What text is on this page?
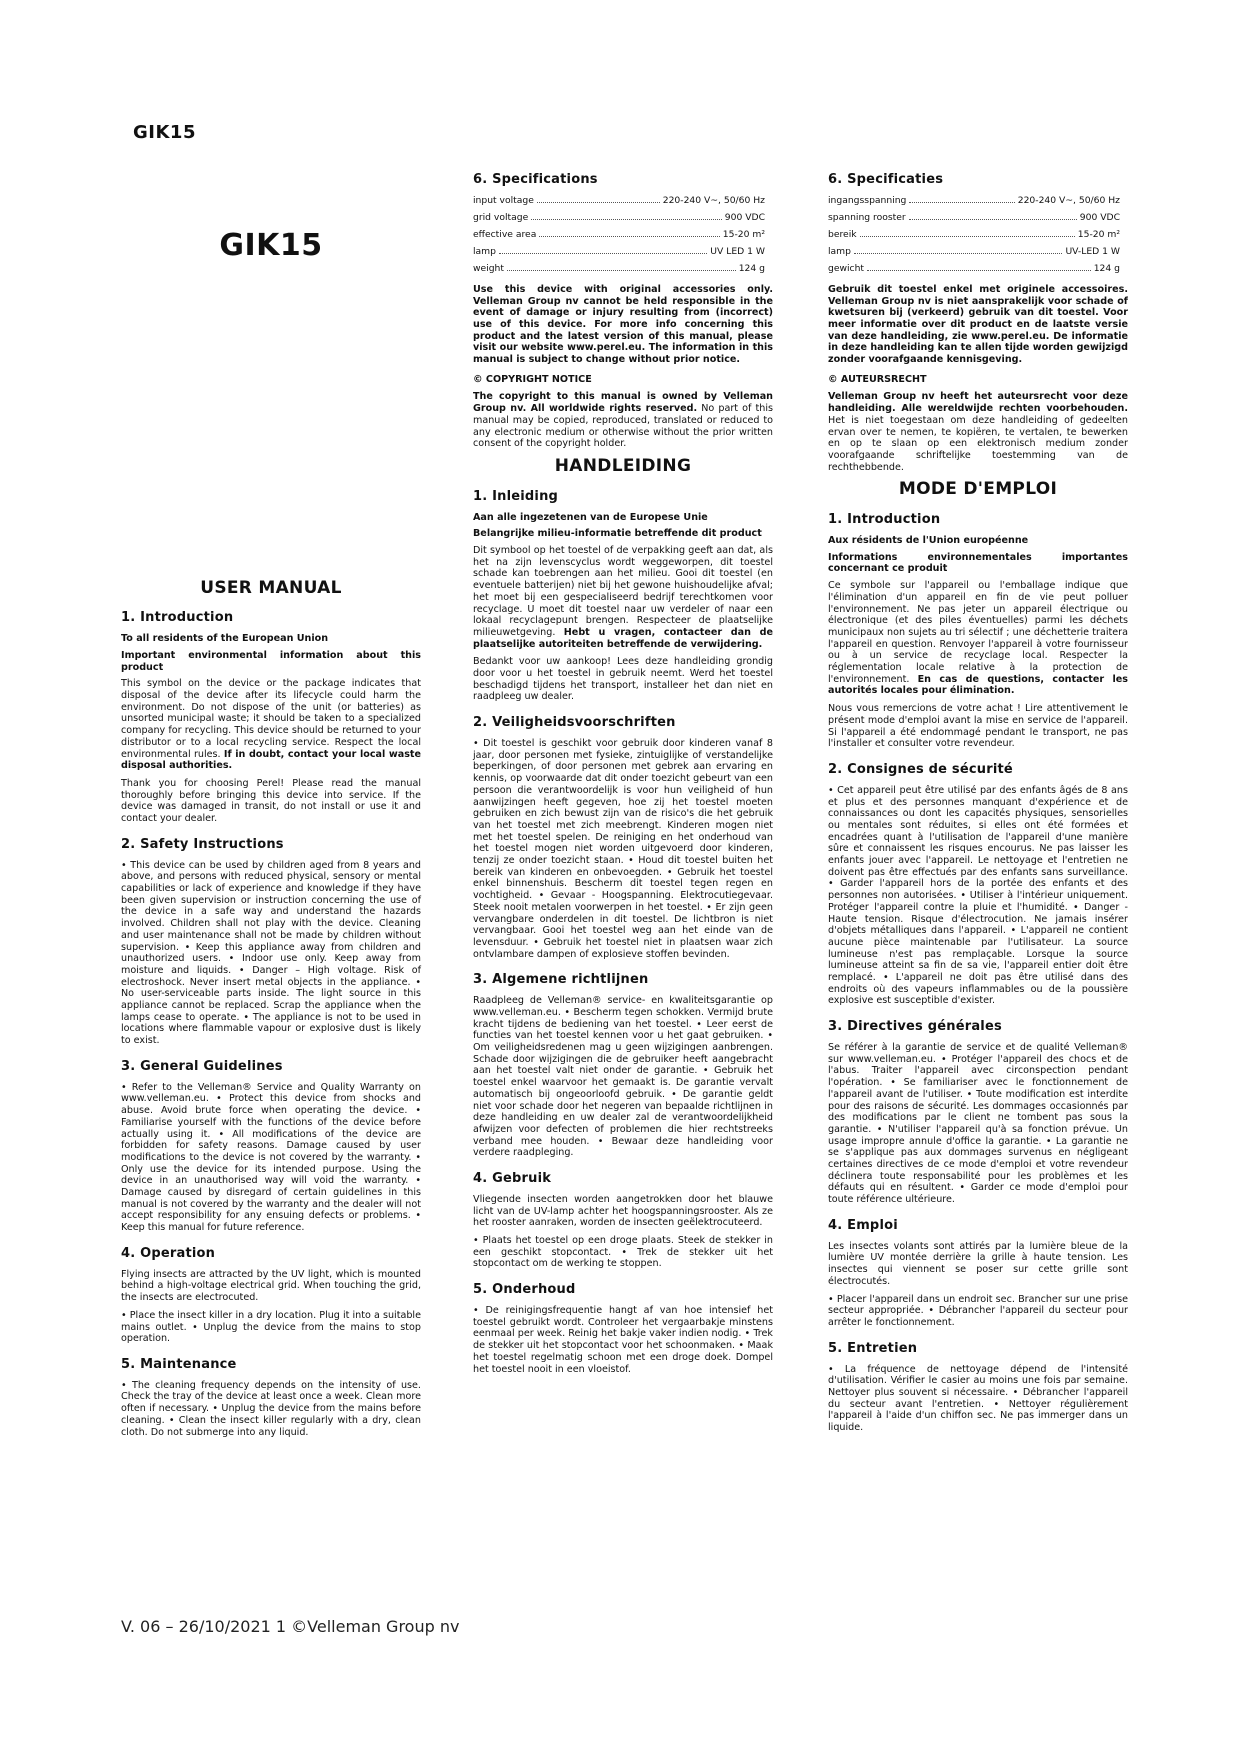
GIK15
GIK15
USER MANUAL
1. Introduction

To all residents of the European Union

Important environmental information about this product

This symbol on the device or the package indicates that disposal of the device after its lifecycle could harm the environment. Do not dispose of the unit (or batteries) as unsorted municipal waste; it should be taken to a specialized company for recycling. This device should be returned to your distributor or to a local recycling service. Respect the local environmental rules. If in doubt, contact your local waste disposal authorities.

Thank you for choosing Perel! Please read the manual thoroughly before bringing this device into service. If the device was damaged in transit, do not install or use it and contact your dealer.

2. Safety Instructions

• This device can be used by children aged from 8 years and above, and persons with reduced physical, sensory or mental capabilities or lack of experience and knowledge if they have been given supervision or instruction concerning the use of the device in a safe way and understand the hazards involved. Children shall not play with the device. Cleaning and user maintenance shall not be made by children without supervision. • Keep this appliance away from children and unauthorized users. • Indoor use only. Keep away from moisture and liquids. • Danger – High voltage. Risk of electroshock. Never insert metal objects in the appliance. • No user-serviceable parts inside. The light source in this appliance cannot be replaced. Scrap the appliance when the lamps cease to operate. • The appliance is not to be used in locations where flammable vapour or explosive dust is likely to exist.

3. General Guidelines

• Refer to the Velleman® Service and Quality Warranty on www.velleman.eu. • Protect this device from shocks and abuse. Avoid brute force when operating the device. • Familiarise yourself with the functions of the device before actually using it. • All modifications of the device are forbidden for safety reasons. Damage caused by user modifications to the device is not covered by the warranty. • Only use the device for its intended purpose. Using the device in an unauthorised way will void the warranty. • Damage caused by disregard of certain guidelines in this manual is not covered by the warranty and the dealer will not accept responsibility for any ensuing defects or problems. • Keep this manual for future reference.

4. Operation

Flying insects are attracted by the UV light, which is mounted behind a high-voltage electrical grid. When touching the grid, the insects are electrocuted.

• Place the insect killer in a dry location. Plug it into a suitable mains outlet. • Unplug the device from the mains to stop operation.

5. Maintenance

• The cleaning frequency depends on the intensity of use. Check the tray of the device at least once a week. Clean more often if necessary. • Unplug the device from the mains before cleaning. • Clean the insect killer regularly with a dry, clean cloth. Do not submerge into any liquid.

6. Specifications
input voltage	220-240 V~, 50/60 Hz
grid voltage	900 VDC
effective area	15-20 m²
lamp	UV LED 1 W
weight	124 g

Use this device with original accessories only. Velleman Group nv cannot be held responsible in the event of damage or injury resulting from (incorrect) use of this device. For more info concerning this product and the latest version of this manual, please visit our website www.perel.eu. The information in this manual is subject to change without prior notice.

© COPYRIGHT NOTICE

The copyright to this manual is owned by Velleman Group nv. All worldwide rights reserved. No part of this manual may be copied, reproduced, translated or reduced to any electronic medium or otherwise without the prior written consent of the copyright holder.

HANDLEIDING
1. Inleiding

Aan alle ingezetenen van de Europese Unie

Belangrijke milieu-informatie betreffende dit product

Dit symbool op het toestel of de verpakking geeft aan dat, als het na zijn levenscyclus wordt weggeworpen, dit toestel schade kan toebrengen aan het milieu. Gooi dit toestel (en eventuele batterijen) niet bij het gewone huishoudelijke afval; het moet bij een gespecialiseerd bedrijf terechtkomen voor recyclage. U moet dit toestel naar uw verdeler of naar een lokaal recyclagepunt brengen. Respecteer de plaatselijke milieuwetgeving. Hebt u vragen, contacteer dan de plaatselijke autoriteiten betreffende de verwijdering.

Bedankt voor uw aankoop! Lees deze handleiding grondig door voor u het toestel in gebruik neemt. Werd het toestel beschadigd tijdens het transport, installeer het dan niet en raadpleeg uw dealer.

2. Veiligheidsvoorschriften

• Dit toestel is geschikt voor gebruik door kinderen vanaf 8 jaar, door personen met fysieke, zintuiglijke of verstandelijke beperkingen, of door personen met gebrek aan ervaring en kennis, op voorwaarde dat dit onder toezicht gebeurt van een persoon die verantwoordelijk is voor hun veiligheid of hun aanwijzingen heeft gegeven, hoe zij het toestel moeten gebruiken en zich bewust zijn van de risico's die het gebruik van het toestel met zich meebrengt. Kinderen mogen niet met het toestel spelen. De reiniging en het onderhoud van het toestel mogen niet worden uitgevoerd door kinderen, tenzij ze onder toezicht staan. • Houd dit toestel buiten het bereik van kinderen en onbevoegden. • Gebruik het toestel enkel binnenshuis. Bescherm dit toestel tegen regen en vochtigheid. • Gevaar - Hoogspanning. Elektrocutiegevaar. Steek nooit metalen voorwerpen in het toestel. • Er zijn geen vervangbare onderdelen in dit toestel. De lichtbron is niet vervangbaar. Gooi het toestel weg aan het einde van de levensduur. • Gebruik het toestel niet in plaatsen waar zich ontvlambare dampen of explosieve stoffen bevinden.

3. Algemene richtlijnen

Raadpleeg de Velleman® service- en kwaliteitsgarantie op www.velleman.eu. • Bescherm tegen schokken. Vermijd brute kracht tijdens de bediening van het toestel. • Leer eerst de functies van het toestel kennen voor u het gaat gebruiken. • Om veiligheidsredenen mag u geen wijzigingen aanbrengen. Schade door wijzigingen die de gebruiker heeft aangebracht aan het toestel valt niet onder de garantie. • Gebruik het toestel enkel waarvoor het gemaakt is. De garantie vervalt automatisch bij ongeoorloofd gebruik. • De garantie geldt niet voor schade door het negeren van bepaalde richtlijnen in deze handleiding en uw dealer zal de verantwoordelijkheid afwijzen voor defecten of problemen die hier rechtstreeks verband mee houden. • Bewaar deze handleiding voor verdere raadpleging.

4. Gebruik

Vliegende insecten worden aangetrokken door het blauwe licht van de UV-lamp achter het hoogspanningsrooster. Als ze het rooster aanraken, worden de insecten geëlektrocuteerd.

• Plaats het toestel op een droge plaats. Steek de stekker in een geschikt stopcontact. • Trek de stekker uit het stopcontact om de werking te stoppen.

5. Onderhoud

• De reinigingsfrequentie hangt af van hoe intensief het toestel gebruikt wordt. Controleer het vergaarbakje minstens eenmaal per week. Reinig het bakje vaker indien nodig. • Trek de stekker uit het stopcontact voor het schoonmaken. • Maak het toestel regelmatig schoon met een droge doek. Dompel het toestel nooit in een vloeistof.

6. Specificaties
ingangsspanning	220-240 V~, 50/60 Hz
spanning rooster	900 VDC
bereik	15-20 m²
lamp	UV-LED 1 W
gewicht	124 g

Gebruik dit toestel enkel met originele accessoires. Velleman Group nv is niet aansprakelijk voor schade of kwetsuren bij (verkeerd) gebruik van dit toestel. Voor meer informatie over dit product en de laatste versie van deze handleiding, zie www.perel.eu. De informatie in deze handleiding kan te allen tijde worden gewijzigd zonder voorafgaande kennisgeving.

© AUTEURSRECHT

Velleman Group nv heeft het auteursrecht voor deze handleiding. Alle wereldwijde rechten voorbehouden. Het is niet toegestaan om deze handleiding of gedeelten ervan over te nemen, te kopiëren, te vertalen, te bewerken en op te slaan op een elektronisch medium zonder voorafgaande schriftelijke toestemming van de rechthebbende.

MODE D'EMPLOI
1. Introduction

Aux résidents de l'Union européenne

Informations environnementales importantes concernant ce produit

Ce symbole sur l'appareil ou l'emballage indique que l'élimination d'un appareil en fin de vie peut polluer l'environnement. Ne pas jeter un appareil électrique ou électronique (et des piles éventuelles) parmi les déchets municipaux non sujets au tri sélectif ; une déchetterie traitera l'appareil en question. Renvoyer l'appareil à votre fournisseur ou à un service de recyclage local. Respecter la réglementation locale relative à la protection de l'environnement. En cas de questions, contacter les autorités locales pour élimination.

Nous vous remercions de votre achat ! Lire attentivement le présent mode d'emploi avant la mise en service de l'appareil. Si l'appareil a été endommagé pendant le transport, ne pas l'installer et consulter votre revendeur.

2. Consignes de sécurité

• Cet appareil peut être utilisé par des enfants âgés de 8 ans et plus et des personnes manquant d'expérience et de connaissances ou dont les capacités physiques, sensorielles ou mentales sont réduites, si elles ont été formées et encadrées quant à l'utilisation de l'appareil d'une manière sûre et connaissent les risques encourus. Ne pas laisser les enfants jouer avec l'appareil. Le nettoyage et l'entretien ne doivent pas être effectués par des enfants sans surveillance. • Garder l'appareil hors de la portée des enfants et des personnes non autorisées. • Utiliser à l'intérieur uniquement. Protéger l'appareil contre la pluie et l'humidité. • Danger - Haute tension. Risque d'électrocution. Ne jamais insérer d'objets métalliques dans l'appareil. • L'appareil ne contient aucune pièce maintenable par l'utilisateur. La source lumineuse n'est pas remplaçable. Lorsque la source lumineuse atteint sa fin de sa vie, l'appareil entier doit être remplacé. • L'appareil ne doit pas être utilisé dans des endroits où des vapeurs inflammables ou de la poussière explosive est susceptible d'exister.

3. Directives générales

Se référer à la garantie de service et de qualité Velleman® sur www.velleman.eu. • Protéger l'appareil des chocs et de l'abus. Traiter l'appareil avec circonspection pendant l'opération. • Se familiariser avec le fonctionnement de l'appareil avant de l'utiliser. • Toute modification est interdite pour des raisons de sécurité. Les dommages occasionnés par des modifications par le client ne tombent pas sous la garantie. • N'utiliser l'appareil qu'à sa fonction prévue. Un usage impropre annule d'office la garantie. • La garantie ne se s'applique pas aux dommages survenus en négligeant certaines directives de ce mode d'emploi et votre revendeur déclinera toute responsabilité pour les problèmes et les défauts qui en résultent. • Garder ce mode d'emploi pour toute référence ultérieure.

4. Emploi

Les insectes volants sont attirés par la lumière bleue de la lumière UV montée derrière la grille à haute tension. Les insectes qui viennent se poser sur cette grille sont électrocutés.

• Placer l'appareil dans un endroit sec. Brancher sur une prise secteur appropriée. • Débrancher l'appareil du secteur pour arrêter le fonctionnement.

5. Entretien

• La fréquence de nettoyage dépend de l'intensité d'utilisation. Vérifier le casier au moins une fois par semaine. Nettoyer plus souvent si nécessaire. • Débrancher l'appareil du secteur avant l'entretien. • Nettoyer régulièrement l'appareil à l'aide d'un chiffon sec. Ne pas immerger dans un liquide.

V. 06 – 26/10/2021 1 ©Velleman Group nv
